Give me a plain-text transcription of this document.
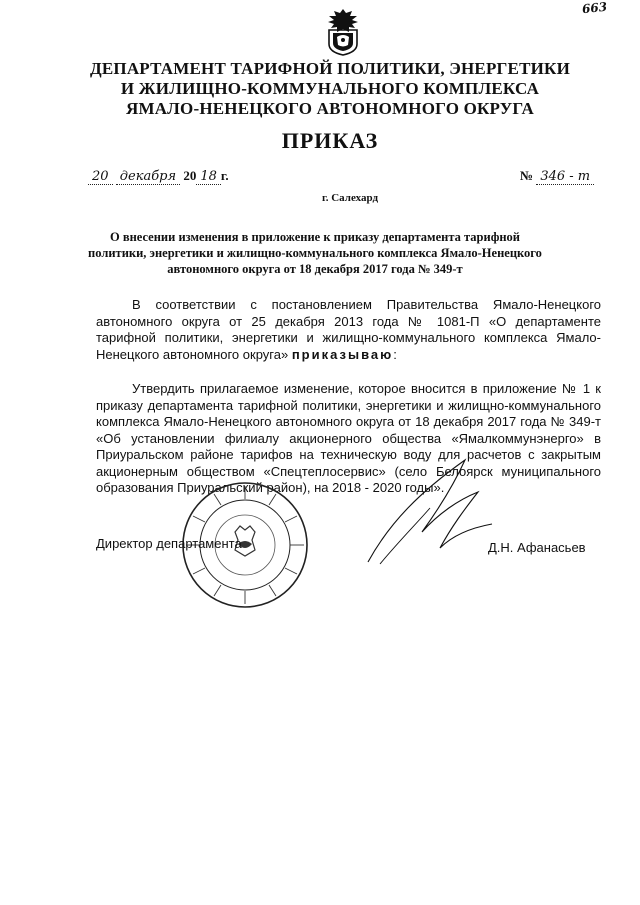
663
ДЕПАРТАМЕНТ ТАРИФНОЙ ПОЛИТИКИ, ЭНЕРГЕТИКИ
И ЖИЛИЩНО-КОММУНАЛЬНОГО КОМПЛЕКСА
ЯМАЛО-НЕНЕЦКОГО АВТОНОМНОГО ОКРУГА
ПРИКАЗ
20 декабря 20 18 г.	№ 346 - т
г. Салехард
О внесении изменения в приложение к приказу департамента тарифной политики, энергетики и жилищно-коммунального комплекса Ямало-Ненецкого автономного округа от 18 декабря 2017 года № 349-т
В соответствии с постановлением Правительства Ямало-Ненецкого автономного округа от 25 декабря 2013 года № 1081-П «О департаменте тарифной политики, энергетики и жилищно-коммунального комплекса Ямало-Ненецкого автономного округа» приказываю:
Утвердить прилагаемое изменение, которое вносится в приложение № 1 к приказу департамента тарифной политики, энергетики и жилищно-коммунального комплекса Ямало-Ненецкого автономного округа от 18 декабря 2017 года № 349-т «Об установлении филиалу акционерного общества «Ямалкоммунэнерго» в Приуральском районе тарифов на техническую воду для расчетов с закрытым акционерным обществом «Спецтеплосервис» (село Белоярск муниципального образования Приуральский район), на 2018 - 2020 годы».
Директор департамента	Д.Н. Афанасьев
